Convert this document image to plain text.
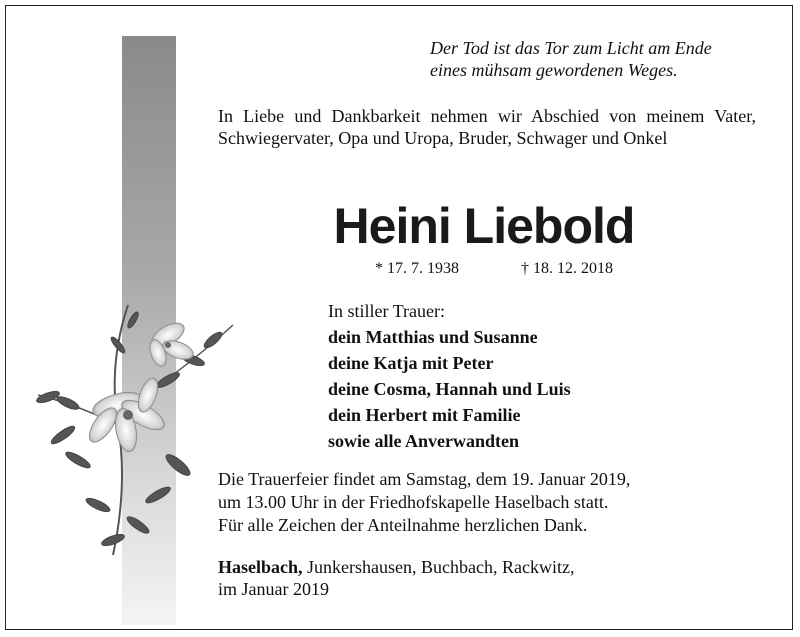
Der Tod ist das Tor zum Licht am Ende
eines mühsam gewordenen Weges.
In Liebe und Dankbarkeit nehmen wir Abschied von meinem Vater, Schwiegervater, Opa und Uropa, Bruder, Schwager und Onkel
Heini Liebold
* 17. 7. 1938	† 18. 12. 2018
In stiller Trauer:
dein Matthias und Susanne
deine Katja mit Peter
deine Cosma, Hannah und Luis
dein Herbert mit Familie
sowie alle Anverwandten
Die Trauerfeier findet am Samstag, dem 19. Januar 2019,
um 13.00 Uhr in der Friedhofskapelle Haselbach statt.
Für alle Zeichen der Anteilnahme herzlichen Dank.
Haselbach, Junkershausen, Buchbach, Rackwitz,
im Januar 2019
